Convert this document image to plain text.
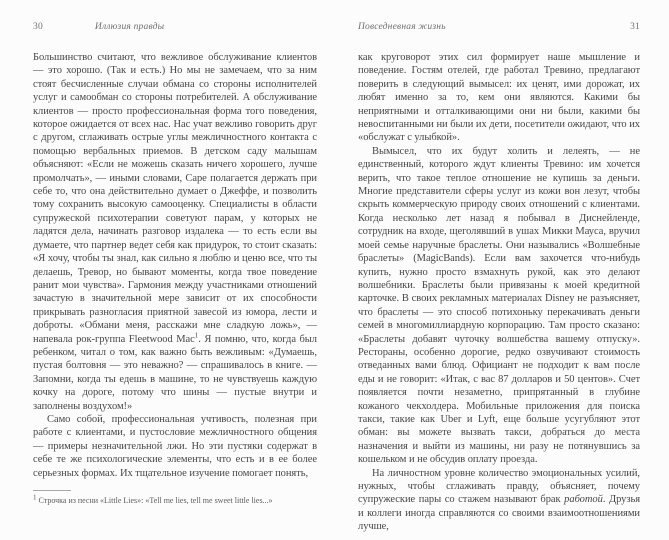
30	Иллюзия правды

Большинство считают, что вежливое обслуживание клиентов — это хорошо. (Так и есть.) Но мы не замечаем, что за ним стоят бесчисленные случаи обмана со стороны исполнителей услуг и самообман со стороны потребителей. А обслуживание клиентов — просто профессиональная форма того поведения, которое ожидается от всех нас. Нас учат вежливо говорить друг с другом, сглаживать острые углы межличностного контакта с помощью вербальных приемов. В детском саду малышам объясняют: «Если не можешь сказать ничего хорошего, лучше промолчать», — иными словами, Саре полагается держать при себе то, что она действительно думает о Джеффе, и позволить тому сохранить высокую самооценку. Специалисты в области супружеской психотерапии советуют парам, у которых не ладятся дела, начинать разговор издалека — то есть если вы думаете, что партнер ведет себя как придурок, то стоит сказать: «Я хочу, чтобы ты знал, как сильно я люблю и ценю все, что ты делаешь, Тревор, но бывают моменты, когда твое поведение ранит мои чувства». Гармония между участниками отношений зачастую в значительной мере зависит от их способности прикрывать разногласия приятной завесой из юмора, лести и доброты. «Обмани меня, расскажи мне сладкую ложь», — напевала рок-группа Fleetwood Mac$^1$. Я помню, что, когда был ребенком, читал о том, как важно быть вежливым: «Думаешь, пустая болтовня — это неважно? — спрашивалось в книге. — Запомни, когда ты едешь в машине, то не чувствуешь каждую кочку на дороге, потому что шины — пустые внутри и заполнены воздухом!»

Само собой, профессиональная учтивость, полезная при работе с клиентами, и пустословие межличностного общения — примеры незначительной лжи. Но эти пустяки содержат в себе те же психологические элементы, что есть и в ее более серьезных формах. Их тщательное изучение помогает понять,

$^1$ Строчка из песни «Little Lies»: «Tell me lies, tell me sweet little lies...»
Повседневная жизнь	31

как круговорот этих сил формирует наше мышление и поведение. Гостям отелей, где работал Тревино, предлагают поверить в следующий вымысел: их ценят, ими дорожат, их любят именно за то, кем они являются. Какими бы неприятными и отталкивающими они ни были, какими бы невоспитанными ни были их дети, посетители ожидают, что их «обслужат с улыбкой».

Вымысел, что их будут холить и лелеять, — не единственный, которого ждут клиенты Тревино: им хочется верить, что такое теплое отношение не купишь за деньги. Многие представители сферы услуг из кожи вон лезут, чтобы скрыть коммерческую природу своих отношений с клиентами. Когда несколько лет назад я побывал в Диснейленде, сотрудник на входе, щеголявший в ушах Микки Мауса, вручил моей семье наручные браслеты. Они назывались «Волшебные браслеты» (MagicBands). Если вам захочется что-нибудь купить, нужно просто взмахнуть рукой, как это делают волшебники. Браслеты были привязаны к моей кредитной карточке. В своих рекламных материалах Disney не разъясняет, что браслеты — это способ потихоньку перекачивать деньги семей в многомиллиардную корпорацию. Там просто сказано: «Браслеты добавят чуточку волшебства вашему отпуску». Рестораны, особенно дорогие, редко озвучивают стоимость отведанных вами блюд. Официант не подходит к вам после еды и не говорит: «Итак, с вас 87 долларов и 50 центов». Счет появляется почти незаметно, припрятанный в глубине кожаного чекхолдера. Мобильные приложения для поиска такси, такие как Uber и Lyft, еще больше усугубляют этот обман: вы можете вызвать такси, добраться до места назначения и выйти из машины, ни разу не потянувшись за кошельком и не обсудив оплату проезда.

На личностном уровне количество эмоциональных усилий, нужных, чтобы сглаживать правду, объясняет, почему супружеские пары со стажем называют брак работой. Друзья и коллеги иногда справляются со своими взаимоотношениями лучше,
